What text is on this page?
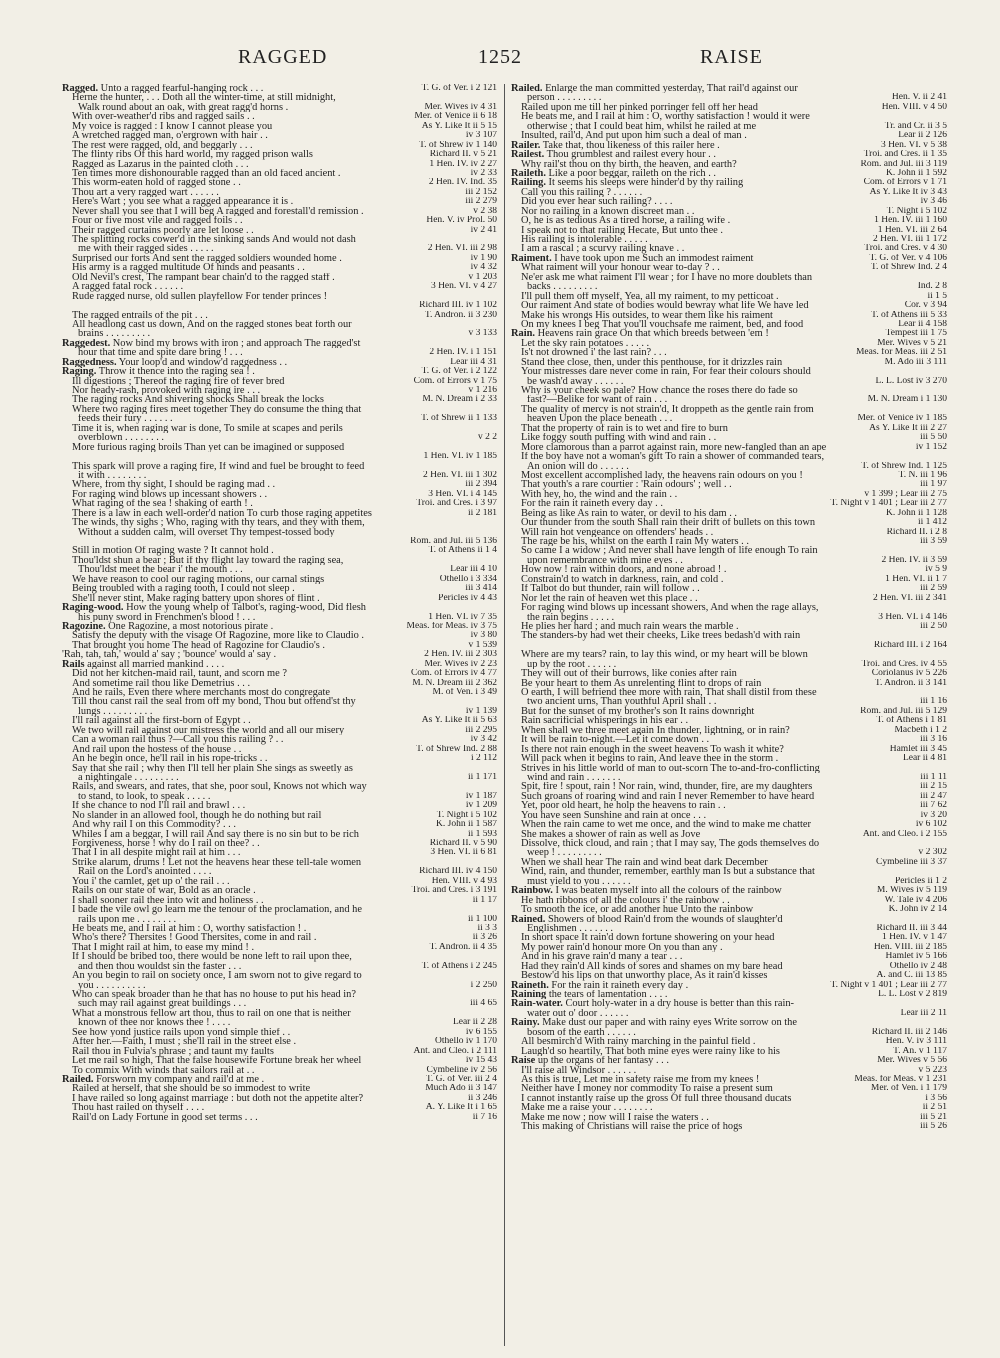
RAGGED	1252	RAISE
Ragged. Unto a ragged fearful-hanging rock . . .	T. G. of Ver. i 2 121
Herne the hunter, . . . Doth all the winter-time, at still midnight,
Walk round about an oak, with great ragg'd horns .	Mer. Wives iv 4 31
With over-weather'd ribs and ragged sails . .	Mer. of Venice ii 6 18
My voice is ragged : I know I cannot please you	As Y. Like It ii 5 15
A wretched ragged man, o'ergrown with hair . .	iv 3 107
The rest were ragged, old, and beggarly . . .	T. of Shrew iv 1 140
The flinty ribs Of this hard world, my ragged prison walls	Richard II. v 5 21
Ragged as Lazarus in the painted cloth . . .	1 Hen. IV. iv 2 27
Ten times more dishonourable ragged than an old faced ancient .	iv 2 33
This worm-eaten hold of ragged stone . .	2 Hen. IV. Ind. 35
Thou art a very ragged wart . . . . . .	iii 2 152
Here's Wart ; you see what a ragged appearance it is .	iii 2 279
Never shall you see that I will beg A ragged and forestall'd remission .	v 2 38
Four or five most vile and ragged foils . .	Hen. V. iv Prol. 50
Their ragged curtains poorly are let loose . .	iv 2 41
The splitting rocks cower'd in the sinking sands And would not dash
me with their ragged sides . . . . .	2 Hen. VI. iii 2 98
Surprised our forts And sent the ragged soldiers wounded home .	iv 1 90
His army is a ragged multitude Of hinds and peasants . .	iv 4 32
Old Nevil's crest, The rampant bear chain'd to the ragged staff .	v 1 203
A ragged fatal rock . . . . . .	3 Hen. VI. v 4 27
Rude ragged nurse, old sullen playfellow For tender princes !
Richard III. iv 1 102
The ragged entrails of the pit . . .	T. Andron. ii 3 230
All headlong cast us down, And on the ragged stones beat forth our
brains . . . . . . . . .	v 3 133
Raggedest. Now bind my brows with iron ; and approach The ragged'st
hour that time and spite dare bring ! . . .	2 Hen. IV. i 1 151
Raggedness. Your loop'd and window'd raggedness . .	Lear iii 4 31
Raging. Throw it thence into the raging sea ! .	T. G. of Ver. i 2 122
Ill digestions ; Thereof the raging fire of fever bred	Com. of Errors v 1 75
Nor heady-rash, provoked with raging ire . . .	v 1 216
The raging rocks And shivering shocks Shall break the locks	M. N. Dream i 2 33
Where two raging fires meet together They do consume the thing that
feeds their fury . . . . . .	T. of Shrew ii 1 133
Time it is, when raging war is done, To smile at scapes and perils
overblown . . . . . . . .	v 2 2
More furious raging broils Than yet can be imagined or supposed
1 Hen. VI. iv 1 185
This spark will prove a raging fire, If wind and fuel be brought to feed
it with . . . . . . . .	2 Hen. VI. iii 1 302
Where, from thy sight, I should be raging mad . .	iii 2 394
For raging wind blows up incessant showers . .	3 Hen. VI. i 4 145
What raging of the sea ! shaking of earth ! .	Troi. and Cres. i 3 97
There is a law in each well-order'd nation To curb those raging appetites	ii 2 181
The winds, thy sighs ; Who, raging with thy tears, and they with them,
Without a sudden calm, will overset Thy tempest-tossed body
Rom. and Jul. iii 5 136
Still in motion Of raging waste ? It cannot hold .	T. of Athens ii 1 4
Thou'ldst shun a bear ; But if thy flight lay toward the raging sea,
Thou'ldst meet the bear i' the mouth . . .	Lear iii 4 10
We have reason to cool our raging motions, our carnal stings	Othello i 3 334
Being troubled with a raging tooth, I could not sleep .	iii 3 414
She'll never stint, Make raging battery upon shores of flint .	Pericles iv 4 43
Raging-wood. How the young whelp of Talbot's, raging-wood, Did flesh
his puny sword in Frenchmen's blood ! . . .	1 Hen. VI. iv 7 35
Ragozine. One Ragozine, a most notorious pirate .	Meas. for Meas. iv 3 75
Satisfy the deputy with the visage Of Ragozine, more like to Claudio .	iv 3 80
That brought you home The head of Ragozine for Claudio's .	v 1 539
'Rah, tah, tah,' would a' say ; 'bounce' would a' say .	2 Hen. IV. iii 2 303
Rails against all married mankind . . . .	Mer. Wives iv 2 23
Did not her kitchen-maid rail, taunt, and scorn me ?	Com. of Errors iv 4 77
And sometime rail thou like Demetrius . . .	M. N. Dream iii 2 362
And he rails, Even there where merchants most do congregate	M. of Ven. i 3 49
Till thou canst rail the seal from off my bond, Thou but offend'st thy
lungs . . . . . . . . . .	iv 1 139
I'll rail against all the first-born of Egypt . .	As Y. Like It ii 5 63
We two will rail against our mistress the world and all our misery	iii 2 295
Can a woman rail thus ?—Call you this railing ? . .	iv 3 42
And rail upon the hostess of the house . .	T. of Shrew Ind. 2 88
An he begin once, he'll rail in his rope-tricks . .	i 2 112
Say that she rail ; why then I'll tell her plain She sings as sweetly as
a nightingale . . . . . . . . .	ii 1 171
Rails, and swears, and rates, that she, poor soul, Knows not which way
to stand, to look, to speak . . . . .	iv 1 187
If she chance to nod I'll rail and brawl . . .	iv 1 209
No slander in an allowed fool, though he do nothing but rail	T. Night i 5 102
And why rail I on this Commodity? . . .	K. John ii 1 587
Whiles I am a beggar, I will rail And say there is no sin but to be rich	ii 1 593
Forgiveness, horse ! why do I rail on thee? . .	Richard II. v 5 90
That I in all despite might rail at him . . .	3 Hen. VI. ii 6 81
Strike alarum, drums ! Let not the heavens hear these tell-tale women
Rail on the Lord's anointed . . . .	Richard III. iv 4 150
You i' the camlet, get up o' the rail . . .	Hen. VIII. v 4 93
Rails on our state of war, Bold as an oracle .	Troi. and Cres. i 3 191
I shall sooner rail thee into wit and holiness . .	ii 1 17
I bade the vile owl go learn me the tenour of the proclamation, and he
rails upon me . . . . . . . .	ii 1 100
He beats me, and I rail at him : O, worthy satisfaction ! .	ii 3 3
Who's there? Thersites ! Good Thersites, come in and rail .	ii 3 26
That I might rail at him, to ease my mind ! .	T. Andron. ii 4 35
If I should be bribed too, there would be none left to rail upon thee,
and then thou wouldst sin the faster . . .	T. of Athens i 2 245
An you begin to rail on society once, I am sworn not to give regard to
you . . . . . . . . . .	i 2 250
Who can speak broader than he that has no house to put his head in?
such may rail against great buildings . . .	iii 4 65
What a monstrous fellow art thou, thus to rail on one that is neither
known of thee nor knows thee ! . . . .	Lear ii 2 28
See how yond justice rails upon yond simple thief . .	iv 6 155
After her.—Faith, I must ; she'll rail in the street else .	Othello iv 1 170
Rail thou in Fulvia's phrase ; and taunt my faults	Ant. and Cleo. i 2 111
Let me rail so high, That the false housewife Fortune break her wheel	iv 15 43
To commix With winds that sailors rail at . .	Cymbeline iv 2 56
Railed. Forsworn my company and rail'd at me .	T. G. of Ver. iii 2 4
Railed at herself, that she should be so immodest to write	Much Ado ii 3 147
I have railed so long against marriage : but doth not the appetite alter?	ii 3 246
Thou hast railed on thyself . . . .	A. Y. Like It i 1 65
Rail'd on Lady Fortune in good set terms . . .	ii 7 16
Railed. Enlarge the man committed yesterday, That rail'd against our
person . . . . . . . . .	Hen. V. ii 2 41
Railed upon me till her pinked porringer fell off her head	Hen. VIII. v 4 50
He beats me, and I rail at him : O, worthy satisfaction ! would it were
otherwise ; that I could beat him, whilst he railed at me	Tr. and Cr. ii 3 5
Insulted, rail'd, And put upon him such a deal of man .	Lear ii 2 126
Railer. Take that, thou likeness of this railer here .	3 Hen. VI. v 5 38
Railest. Thou grumblest and railest every hour . .	Troi. and Cres. ii 1 35
Why rail'st thou on thy birth, the heaven, and earth?	Rom. and Jul. iii 3 119
Raileth. Like a poor beggar, raileth on the rich . .	K. John ii 1 592
Railing. It seems his sleeps were hinder'd by thy railing	Com. of Errors v 1 71
Call you this railing ? . . . . . .	As Y. Like It iv 3 43
Did you ever hear such railing? . . . .	iv 3 46
Nor no railing in a known discreet man . .	T. Night i 5 102
O, he is as tedious As a tired horse, a railing wife .	1 Hen. IV. iii 1 160
I speak not to that railing Hecate, But unto thee .	1 Hen. VI. iii 2 64
His railing is intolerable . . . . .	2 Hen. VI. iii 1 172
I am a rascal ; a scurvy railing knave . .	Troi. and Cres. v 4 30
Raiment. I have took upon me Such an immodest raiment	T. G. of Ver. v 4 106
What raiment will your honour wear to-day ? . .	T. of Shrew Ind. 2 4
Ne'er ask me what raiment I'll wear ; for I have no more doublets than
backs . . . . . . . . .	Ind. 2 8
I'll pull them off myself, Yea, all my raiment, to my petticoat .	ii 1 5
Our raiment And state of bodies would bewray what life We have led	Cor. v 3 94
Make his wrongs His outsides, to wear them like his raiment	T. of Athens iii 5 33
On my knees I beg That you'll vouchsafe me raiment, bed, and food	Lear ii 4 158
Rain. Heavens rain grace On that which breeds between 'em !	Tempest iii 1 75
Let the sky rain potatoes . . . . .	Mer. Wives v 5 21
Is't not drowned i' the last rain? . . .	Meas. for Meas. iii 2 51
Stand thee close, then, under this penthouse, for it drizzles rain	M. Ado iii 3 111
Your mistresses dare never come in rain, For fear their colours should
be wash'd away . . . . . .	L. L. Lost iv 3 270
Why is your cheek so pale? How chance the roses there do fade so
fast?—Belike for want of rain . . .	M. N. Dream i 1 130
The quality of mercy is not strain'd, It droppeth as the gentle rain from
heaven Upon the place beneath . . .	Mer. of Venice iv 1 185
That the property of rain is to wet and fire to burn	As Y. Like It iii 2 27
Like foggy south puffing with wind and rain . .	iii 5 50
More clamorous than a parrot against rain, more new-fangled than an ape	iv 1 152
If the boy have not a woman's gift To rain a shower of commanded tears,
An onion will do . . . . . .	T. of Shrew Ind. 1 125
Most excellent accomplished lady, the heavens rain odours on you !	T. N. iii 1 96
That youth's a rare courtier : 'Rain odours' ; well . .	iii 1 97
With hey, ho, the wind and the rain . .	v 1 399 ; Lear iii 2 75
For the rain it raineth every day . .	T. Night v 1 401 ; Lear iii 2 77
Being as like As rain to water, or devil to his dam . .	K. John ii 1 128
Our thunder from the south Shall rain their drift of bullets on this town	ii 1 412
Will rain hot vengeance on offenders' heads . .	Richard II. i 2 8
The rage be his, whilst on the earth I rain My waters . .	iii 3 59
So came I a widow ; And never shall have length of life enough To rain
upon remembrance with mine eyes . .	2 Hen. IV. ii 3 59
How now ! rain within doors, and none abroad ! .	iv 5 9
Constrain'd to watch in darkness, rain, and cold .	1 Hen. VI. ii 1 7
If Talbot do but thunder, rain will follow . .	iii 2 59
Nor let the rain of heaven wet this place . .	2 Hen. VI. iii 2 341
For raging wind blows up incessant showers, And when the rage allays,
the rain begins . . . . .	3 Hen. VI. i 4 146
He plies her hard ; and much rain wears the marble .	iii 2 50
The standers-by had wet their cheeks, Like trees bedash'd with rain
Richard III. i 2 164
Where are my tears? rain, to lay this wind, or my heart will be blown
up by the root . . . . . .	Troi. and Cres. iv 4 55
They will out of their burrows, like conies after rain	Coriolanus iv 5 226
Be your heart to them As unrelenting flint to drops of rain	T. Andron. ii 3 141
O earth, I will befriend thee more with rain, That shall distil from these
two ancient urns, Than youthful April shall . .	iii 1 16
But for the sunset of my brother's son It rains downright	Rom. and Jul. iii 5 129
Rain sacrificial whisperings in his ear . .	T. of Athens i 1 81
When shall we three meet again In thunder, lightning, or in rain?	Macbeth i 1 2
It will be rain to-night.—Let it come down . .	iii 3 16
Is there not rain enough in the sweet heavens To wash it white?	Hamlet iii 3 45
Will pack when it begins to rain, And leave thee in the storm .	Lear ii 4 81
Strives in his little world of man to out-scorn The to-and-fro-conflicting
wind and rain . . . . . . .	iii 1 11
Spit, fire ! spout, rain ! Nor rain, wind, thunder, fire, are my daughters	iii 2 15
Such groans of roaring wind and rain I never Remember to have heard	iii 2 47
Yet, poor old heart, he holp the heavens to rain . .	iii 7 62
You have seen Sunshine and rain at once . . .	iv 3 20
When the rain came to wet me once, and the wind to make me chatter	iv 6 102
She makes a shower of rain as well as Jove	Ant. and Cleo. i 2 155
Dissolve, thick cloud, and rain ; that I may say, The gods themselves do
weep ! . . . . . . . . .	v 2 302
When we shall hear The rain and wind beat dark December	Cymbeline iii 3 37
Wind, rain, and thunder, remember, earthly man Is but a substance that
must yield to you . . . . . .	Pericles ii 1 2
Rainbow. I was beaten myself into all the colours of the rainbow	M. Wives iv 5 119
He hath ribbons of all the colours i' the rainbow . .	W. Tale iv 4 206
To smooth the ice, or add another hue Unto the rainbow	K. John iv 2 14
Rained. Showers of blood Rain'd from the wounds of slaughter'd
Englishmen . . . . . . .	Richard II. iii 3 44
In short space It rain'd down fortune showering on your head	1 Hen. IV. v 1 47
My power rain'd honour more On you than any .	Hen. VIII. iii 2 185
And in his grave rain'd many a tear . . .	Hamlet iv 5 166
Had they rain'd All kinds of sores and shames on my bare head	Othello iv 2 48
Bestow'd his lips on that unworthy place, As it rain'd kisses	A. and C. iii 13 85
Raineth. For the rain it raineth every day .	T. Night v 1 401 ; Lear iii 2 77
Raining the tears of lamentation . . . .	L. L. Lost v 2 819
Rain-water. Court holy-water in a dry house is better than this rain-
water out o' door . . . . . .	Lear iii 2 11
Rainy. Make dust our paper and with rainy eyes Write sorrow on the
bosom of the earth . . . . . .	Richard II. iii 2 146
All besmirch'd With rainy marching in the painful field .	Hen. V. iv 3 111
Laugh'd so heartily, That both mine eyes were rainy like to his	T. An. v 1 117
Raise up the organs of her fantasy . . .	Mer. Wives v 5 56
I'll raise all Windsor . . . . . .	v 5 223
As this is true, Let me in safety raise me from my knees !	Meas. for Meas. v 1 231
Neither have I money nor commodity To raise a present sum	Mer. of Ven. i 1 179
I cannot instantly raise up the gross Of full three thousand ducats	i 3 56
Make me a raise your . . . . . . . .	ii 2 51
Make me now ; now will I raise the waters . .	iii 5 21
This making of Christians will raise the price of hogs	iii 5 26
